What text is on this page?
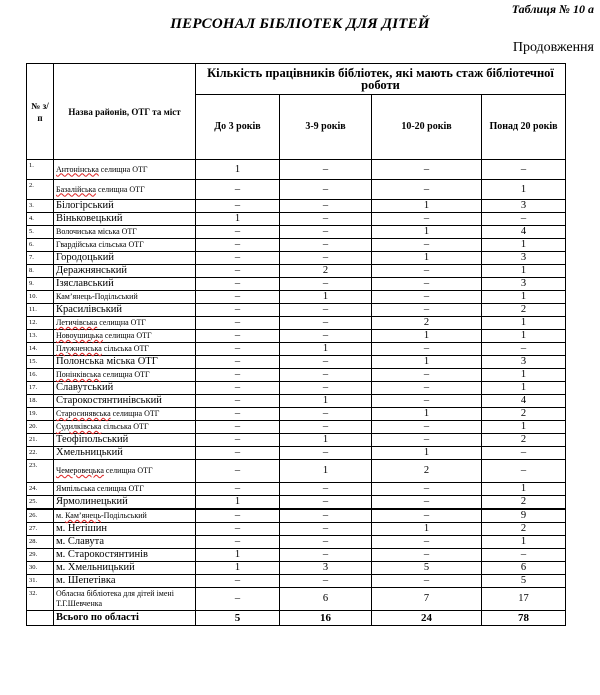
Таблиця № 10 а
ПЕРСОНАЛ БІБЛІОТЕК ДЛЯ ДІТЕЙ
Продовження
№ з/п	Назва районів, ОТГ та міст	Кількість працівників бібліотек, які мають стаж бібліотечної роботи			
		До 3 років	3-9 років	10-20 років	Понад 20 років
1.	Антонінська селищна ОТГ	1	–	–	–
2.	Базалійська селищна ОТГ	–	–	–	1
3.	Білогірський	–	–	1	3
4.	Віньковецький	1	–	–	–
5.	Волочиська міська ОТГ	–	–	1	4
6.	Гвардійська сільська ОТГ	–	–	–	1
7.	Городоцький	–	–	1	3
8.	Деражнянський	–	2	–	1
9.	Ізяславський	–	–	–	3
10.	Кам’янець-Подільський	–	1	–	1
11.	Красилівський	–	–	–	2
12.	Летичівська селищна ОТГ	–	–	2	1
13.	Новоушицька селищна ОТГ	–	–	1	1
14.	Плужненська сільська ОТГ	–	1	–	–
15.	Полонська міська ОТГ	–	–	1	3
16.	Понінківська селищна ОТГ	–	–	–	1
17.	Славутський	–	–	–	1
18.	Старокостянтинівський	–	1	–	4
19.	Старосинявська селищна ОТГ	–	–	1	2
20.	Судилківська сільська ОТГ	–	–	–	1
21.	Теофіпольський	–	1	–	2
22.	Хмельницький	–	–	1	–
23.	Чемеровецька селищна ОТГ	–	1	2	–
24.	Ямпільська селищна ОТГ	–	–	–	1
25.	Ярмолинецький	1	–	–	2
26.	м. Кам’янець-Подільський	–	–	–	9
27.	м. Нетішин	–	–	1	2
28.	м. Славута	–	–	–	1
29.	м. Старокостянтинів	1	–	–	–
30.	м. Хмельницький	1	3	5	6
31.	м. Шепетівка	–	–	–	5
32.	Обласна бібліотека для дітей імені Т.Г.Шевченка	–	6	7	17
	Всього по області	5	16	24	78
